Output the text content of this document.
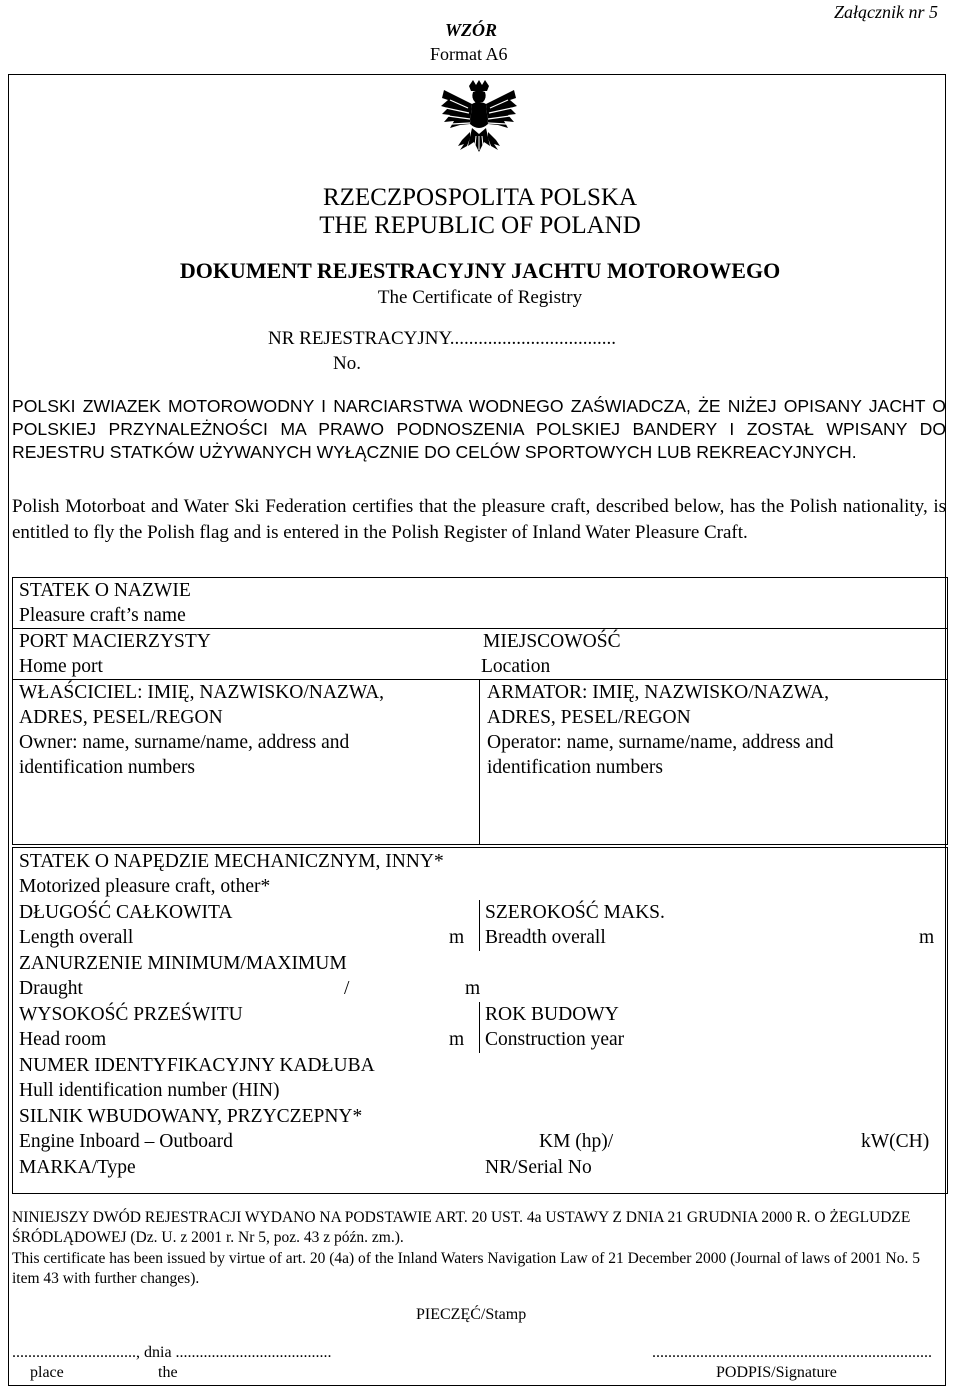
Załącznik nr 5
WZÓR
Format A6
RZECZPOSPOLITA POLSKA
THE REPUBLIC OF POLAND
DOKUMENT REJESTRACYJNY JACHTU MOTOROWEGO
The Certificate of Registry
NR REJESTRACYJNY...................................
No.
POLSKI ZWIAZEK MOTOROWODNY I NARCIARSTWA WODNEGO ZAŚWIADCZA, ŻE NIŻEJ OPISANY JACHT O POLSKIEJ PRZYNALEŻNOŚCI MA PRAWO PODNOSZENIA POLSKIEJ BANDERY I ZOSTAŁ WPISANY DO REJESTRU STATKÓW UŻYWANYCH WYŁĄCZNIE DO CELÓW SPORTOWYCH LUB REKREACYJNYCH.
Polish Motorboat and Water Ski Federation certifies that the pleasure craft, described below, has the Polish nationality, is entitled to fly the Polish flag and is entered in the Polish Register of Inland Water Pleasure Craft.
STATEK O NAZWIE
Pleasure craft’s name
PORT MACIERZYSTY
Home port
MIEJSCOWOŚĆ
Location
WŁAŚCICIEL: IMIĘ, NAZWISKO/NAZWA,
ADRES, PESEL/REGON
Owner: name, surname/name, address and
identification numbers
ARMATOR: IMIĘ, NAZWISKO/NAZWA,
ADRES, PESEL/REGON
Operator: name, surname/name, address and
identification numbers
STATEK O NAPĘDZIE MECHANICZNYM, INNY*
Motorized pleasure craft, other*
DŁUGOŚĆ CAŁKOWITA
Length overall	m
SZEROKOŚĆ MAKS.
Breadth overall	m
ZANURZENIE MINIMUM/MAXIMUM
Draught	/	m
WYSOKOŚĆ PRZEŚWITU
Head room	m
ROK BUDOWY
Construction year
NUMER IDENTYFIKACYJNY KADŁUBA
Hull identification number (HIN)
SILNIK WBUDOWANY, PRZYCZEPNY*
Engine Inboard – Outboard	KM (hp)/	kW(CH)
MARKA/Type	NR/Serial No
NINIEJSZY DWÓD REJESTRACJI WYDANO NA PODSTAWIE ART. 20 UST. 4a USTAWY Z DNIA 21 GRUDNIA 2000 R. O ŻEGLUDZE ŚRÓDLĄDOWEJ (Dz. U. z 2001 r. Nr 5, poz. 43 z późn. zm.).
This certificate has been issued by virtue of art. 20 (4a) of the Inland Waters Navigation Law of 21 December 2000 (Journal of laws of 2001 No. 5 item 43 with further changes).
PIECZĘĆ/Stamp
..............................., dnia .......................................
place	the
......................................................................
PODPIS/Signature
